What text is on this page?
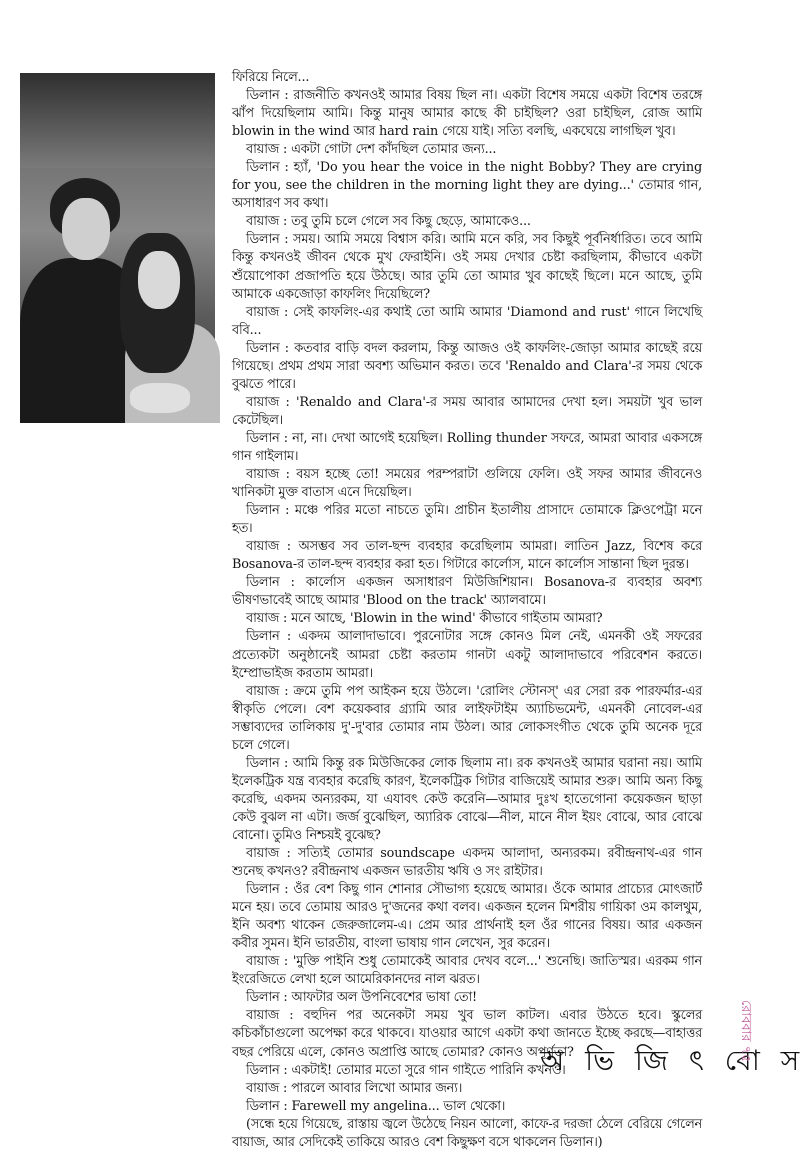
ফিরিয়ে নিলে...

ডিলান : রাজনীতি কখনওই আমার বিষয় ছিল না। একটা বিশেষ সময়ে একটা বিশেষ তরঙ্গে ঝাঁপ দিয়েছিলাম আমি। কিন্তু মানুষ আমার কাছে কী চাইছিল? ওরা চাইছিল, রোজ আমি blowin in the wind আর hard rain গেয়ে যাই। সত্যি বলছি, একঘেয়ে লাগছিল খুব।

বায়াজ : একটা গোটা দেশ কাঁদছিল তোমার জন্য...

ডিলান : হ্যাঁ, 'Do you hear the voice in the night Bobby? They are crying for you, see the children in the morning light they are dying...' তোমার গান, অসাধারণ সব কথা।

বায়াজ : তবু তুমি চলে গেলে সব কিছু ছেড়ে, আমাকেও...

ডিলান : সময়। আমি সময়ে বিশ্বাস করি। আমি মনে করি, সব কিছুই পূর্বনির্ধারিত। তবে আমি কিন্তু কখনওই জীবন থেকে মুখ ফেরাইনি। ওই সময় দেখার চেষ্টা করছিলাম, কীভাবে একটা শুঁয়োপোকা প্রজাপতি হয়ে উঠছে। আর তুমি তো আমার খুব কাছেই ছিলে। মনে আছে, তুমি আমাকে একজোড়া কাফলিং দিয়েছিলে?

বায়াজ : সেই কাফলিং-এর কথাই তো আমি আমার 'Diamond and rust' গানে লিখেছি ববি...

ডিলান : কতবার বাড়ি বদল করলাম, কিন্তু আজও ওই কাফলিং-জোড়া আমার কাছেই রয়ে গিয়েছে। প্রথম প্রথম সারা অবশ্য অভিমান করত। তবে 'Renaldo and Clara'-র সময় থেকে বুঝতে পারে।

বায়াজ : 'Renaldo and Clara'-র সময় আবার আমাদের দেখা হল। সময়টা খুব ভাল কেটেছিল।

ডিলান : না, না। দেখা আগেই হয়েছিল। Rolling thunder সফরে, আমরা আবার একসঙ্গে গান গাইলাম।

বায়াজ : বয়স হচ্ছে তো! সময়ের পরম্পরাটা গুলিয়ে ফেলি। ওই সফর আমার জীবনেও খানিকটা মুক্ত বাতাস এনে দিয়েছিল।

ডিলান : মঞ্চে পরির মতো নাচতে তুমি। প্রাচীন ইতালীয় প্রাসাদে তোমাকে ক্লিওপেট্রা মনে হত।

বায়াজ : অসম্ভব সব তাল-ছন্দ ব্যবহার করেছিলাম আমরা। লাতিন Jazz, বিশেষ করে Bosanova-র তাল-ছন্দ ব্যবহার করা হত। গিটারে কার্লোস, মানে কার্লোস সান্তানা ছিল দুরন্ত।

ডিলান : কার্লোস একজন অসাধারণ মিউজিশিয়ান। Bosanova-র ব্যবহার অবশ্য ভীষণভাবেই আছে আমার 'Blood on the track' অ্যালবামে।

বায়াজ : মনে আছে, 'Blowin in the wind' কীভাবে গাইতাম আমরা?

ডিলান : একদম আলাদাভাবে। পুরনোটার সঙ্গে কোনও মিল নেই, এমনকী ওই সফরের প্রত্যেকটা অনুষ্ঠানেই আমরা চেষ্টা করতাম গানটা একটু আলাদাভাবে পরিবেশন করতে। ইম্প্রোভাইজ করতাম আমরা।

বায়াজ : ক্রমে তুমি পপ আইকন হয়ে উঠলে। 'রোলিং স্টোনস্' এর সেরা রক পারফর্মার-এর স্বীকৃতি পেলে। বেশ কয়েকবার গ্র্যামি আর লাইফটাইম অ্যাচিভমেন্ট, এমনকী নোবেল-এর সম্ভাব্যদের তালিকায় দু'-দু'বার তোমার নাম উঠল। আর লোকসংগীত থেকে তুমি অনেক দূরে চলে গেলে।

ডিলান : আমি কিন্তু রক মিউজিকের লোক ছিলাম না। রক কখনওই আমার ঘরানা নয়। আমি ইলেকট্রিক যন্ত্র ব্যবহার করেছি কারণ, ইলেকট্রিক গিটার বাজিয়েই আমার শুরু। আমি অন্য কিছু করেছি, একদম অন্যরকম, যা এযাবৎ কেউ করেনি—আমার দুঃখ হাতেগোনা কয়েকজন ছাড়া কেউ বুঝল না এটা। জর্জ বুঝেছিল, অ্যারিক বোঝে—নীল, মানে নীল ইয়ং বোঝে, আর বোঝে বোনো। তুমিও নিশ্চয়ই বুঝেছ?

বায়াজ : সত্যিই তোমার soundscape একদম আলাদা, অন্যরকম। রবীন্দ্রনাথ-এর গান শুনেছ কখনও? রবীন্দ্রনাথ একজন ভারতীয় ঋষি ও সং রাইটার।

ডিলান : ওঁর বেশ কিছু গান শোনার সৌভাগ্য হয়েছে আমার। ওঁকে আমার প্রাচ্যের মোৎজার্ট মনে হয়। তবে তোমায় আরও দু'জনের কথা বলব। একজন হলেন মিশরীয় গায়িকা ওম কালথুম, ইনি অবশ্য থাকেন জেরুজালেম-এ। প্রেম আর প্রার্থনাই হল ওঁর গানের বিষয়। আর একজন কবীর সুমন। ইনি ভারতীয়, বাংলা ভাষায় গান লেখেন, সুর করেন।

বায়াজ : 'মুক্তি পাইনি শুধু তোমাকেই আবার দেখব বলে...' শুনেছি। জাতিস্মর। এরকম গান ইংরেজিতে লেখা হলে আমেরিকানদের নাল ঝরত।

ডিলান : আফটার অল উপনিবেশের ভাষা তো!

বায়াজ : বহুদিন পর অনেকটা সময় খুব ভাল কাটল। এবার উঠতে হবে। স্কুলের কচিকাঁচাগুলো অপেক্ষা করে থাকবে। যাওয়ার আগে একটা কথা জানতে ইচ্ছে করছে—বাহাত্তর বছর পেরিয়ে এলে, কোনও অপ্রাপ্তি আছে তোমার? কোনও অপূর্ণতা?

ডিলান : একটাই! তোমার মতো সুরে গান গাইতে পারিনি কখনও।

বায়াজ : পারলে আবার লিখো আমার জন্য।

ডিলান : Farewell my angelina... ভাল থেকো।

(সন্ধে হয়ে গিয়েছে, রাস্তায় জ্বলে উঠেছে নিয়ন আলো, কাফে-র দরজা ঠেলে বেরিয়ে গেলেন বায়াজ, আর সেদিকেই তাকিয়ে আরও বেশ কিছুক্ষণ বসে থাকলেন ডিলান।)

অ ভি জি ৎ বো স
রোববার ৭৫
